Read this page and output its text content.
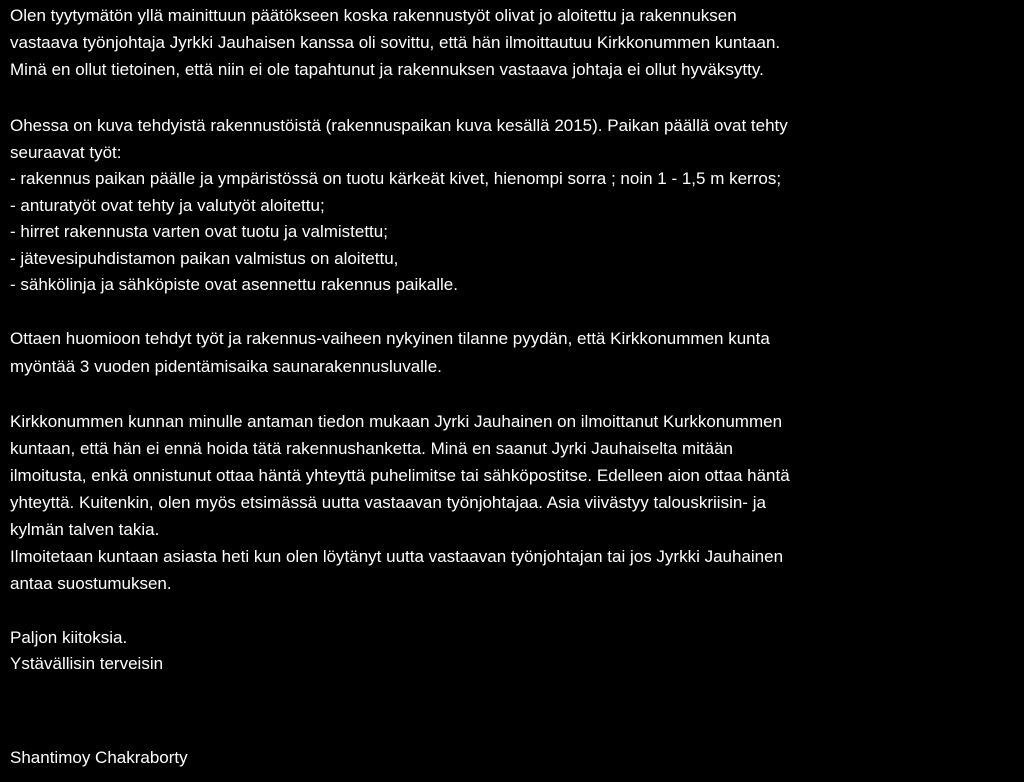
Olen tyytymätön yllä mainittuun päätökseen koska rakennustyöt olivat jo aloitettu ja rakennuksen
vastaava työnjohtaja Jyrkki Jauhaisen kanssa oli sovittu, että hän ilmoittautuu Kirkkonummen kuntaan.
Minä en ollut tietoinen, että niin ei ole tapahtunut ja rakennuksen vastaava johtaja ei ollut hyväksytty.
Ohessa on kuva tehdyistä rakennustöistä (rakennuspaikan kuva kesällä 2015). Paikan päällä ovat tehty
seuraavat työt:
- rakennus paikan päälle ja ympäristössä on tuotu kärkeät kivet, hienompi sorra ; noin 1 - 1,5 m kerros;
- anturatyöt ovat tehty ja valutyöt aloitettu;
- hirret rakennusta varten ovat tuotu ja valmistettu;
- jätevesipuhdistamon paikan valmistus on aloitettu,
- sähkölinja ja sähköpiste ovat asennettu rakennus paikalle.
Ottaen huomioon tehdyt työt ja rakennus-vaiheen nykyinen tilanne pyydän, että Kirkkonummen kunta
myöntää 3 vuoden pidentämisaika saunarakennusluvalle.
Kirkkonummen kunnan minulle antaman tiedon mukaan Jyrki Jauhainen on ilmoittanut Kurkkonummen
kuntaan, että hän ei ennä hoida tätä rakennushanketta. Minä en saanut Jyrki Jauhaiselta mitään
ilmoitusta, enkä onnistunut ottaa häntä yhteyttä puhelimitse tai sähköpostitse. Edelleen aion ottaa häntä
yhteyttä. Kuitenkin, olen myös etsimässä uutta vastaavan työnjohtajaa. Asia viivästyy talouskriisin- ja
kylmän talven takia.
Ilmoitetaan kuntaan asiasta heti kun olen löytänyt uutta vastaavan työnjohtajan tai jos Jyrkki Jauhainen
antaa suostumuksen.
Paljon kiitoksia.
Ystävällisin terveisin
Shantimoy Chakraborty
